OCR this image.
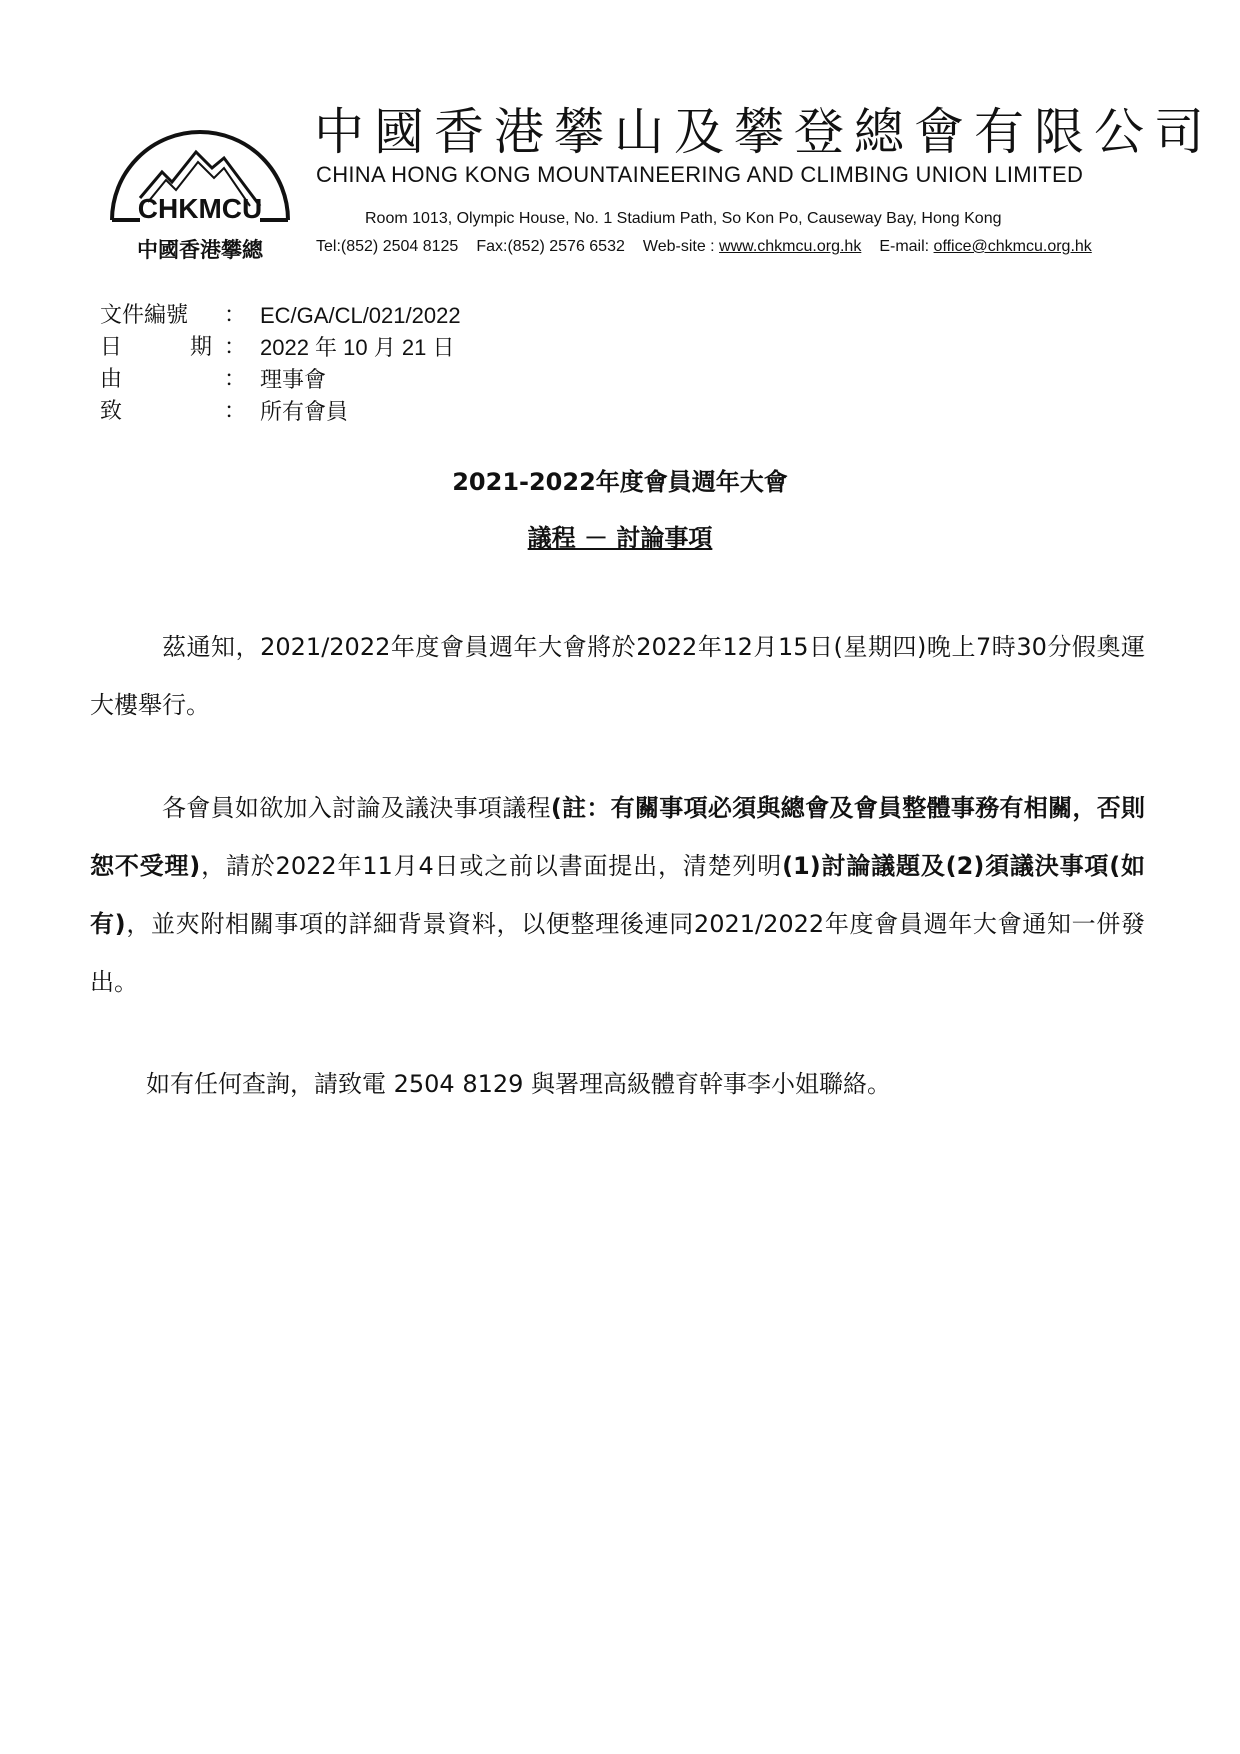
CHKMCU
中國香港攀總
中國香港攀山及攀登總會有限公司
CHINA HONG KONG MOUNTAINEERING AND CLIMBING UNION LIMITED
Room 1013, Olympic House, No. 1 Stadium Path, So Kon Po, Causeway Bay, Hong Kong
Tel:(852) 2504 8125 Fax:(852) 2576 6532 Web-site : www.chkmcu.org.hk E-mail: office@chkmcu.org.hk
文件編號	： EC/GA/CL/021/2022
日	期 ： 2022 年 10 月 21 日
由	： 理事會
致	： 所有會員
2021-2022年度會員週年大會
議程 － 討論事項
茲通知，2021/2022年度會員週年大會將於2022年12月15日(星期四)晚上7時30分假奧運大樓舉行。
各會員如欲加入討論及議決事項議程(註：有關事項必須與總會及會員整體事務有相關，否則恕不受理)，請於2022年11月4日或之前以書面提出，清楚列明(1)討論議題及(2)須議決事項(如有)，並夾附相關事項的詳細背景資料，以便整理後連同2021/2022年度會員週年大會通知一併發出。
如有任何查詢，請致電 2504 8129 與署理高級體育幹事李小姐聯絡。
